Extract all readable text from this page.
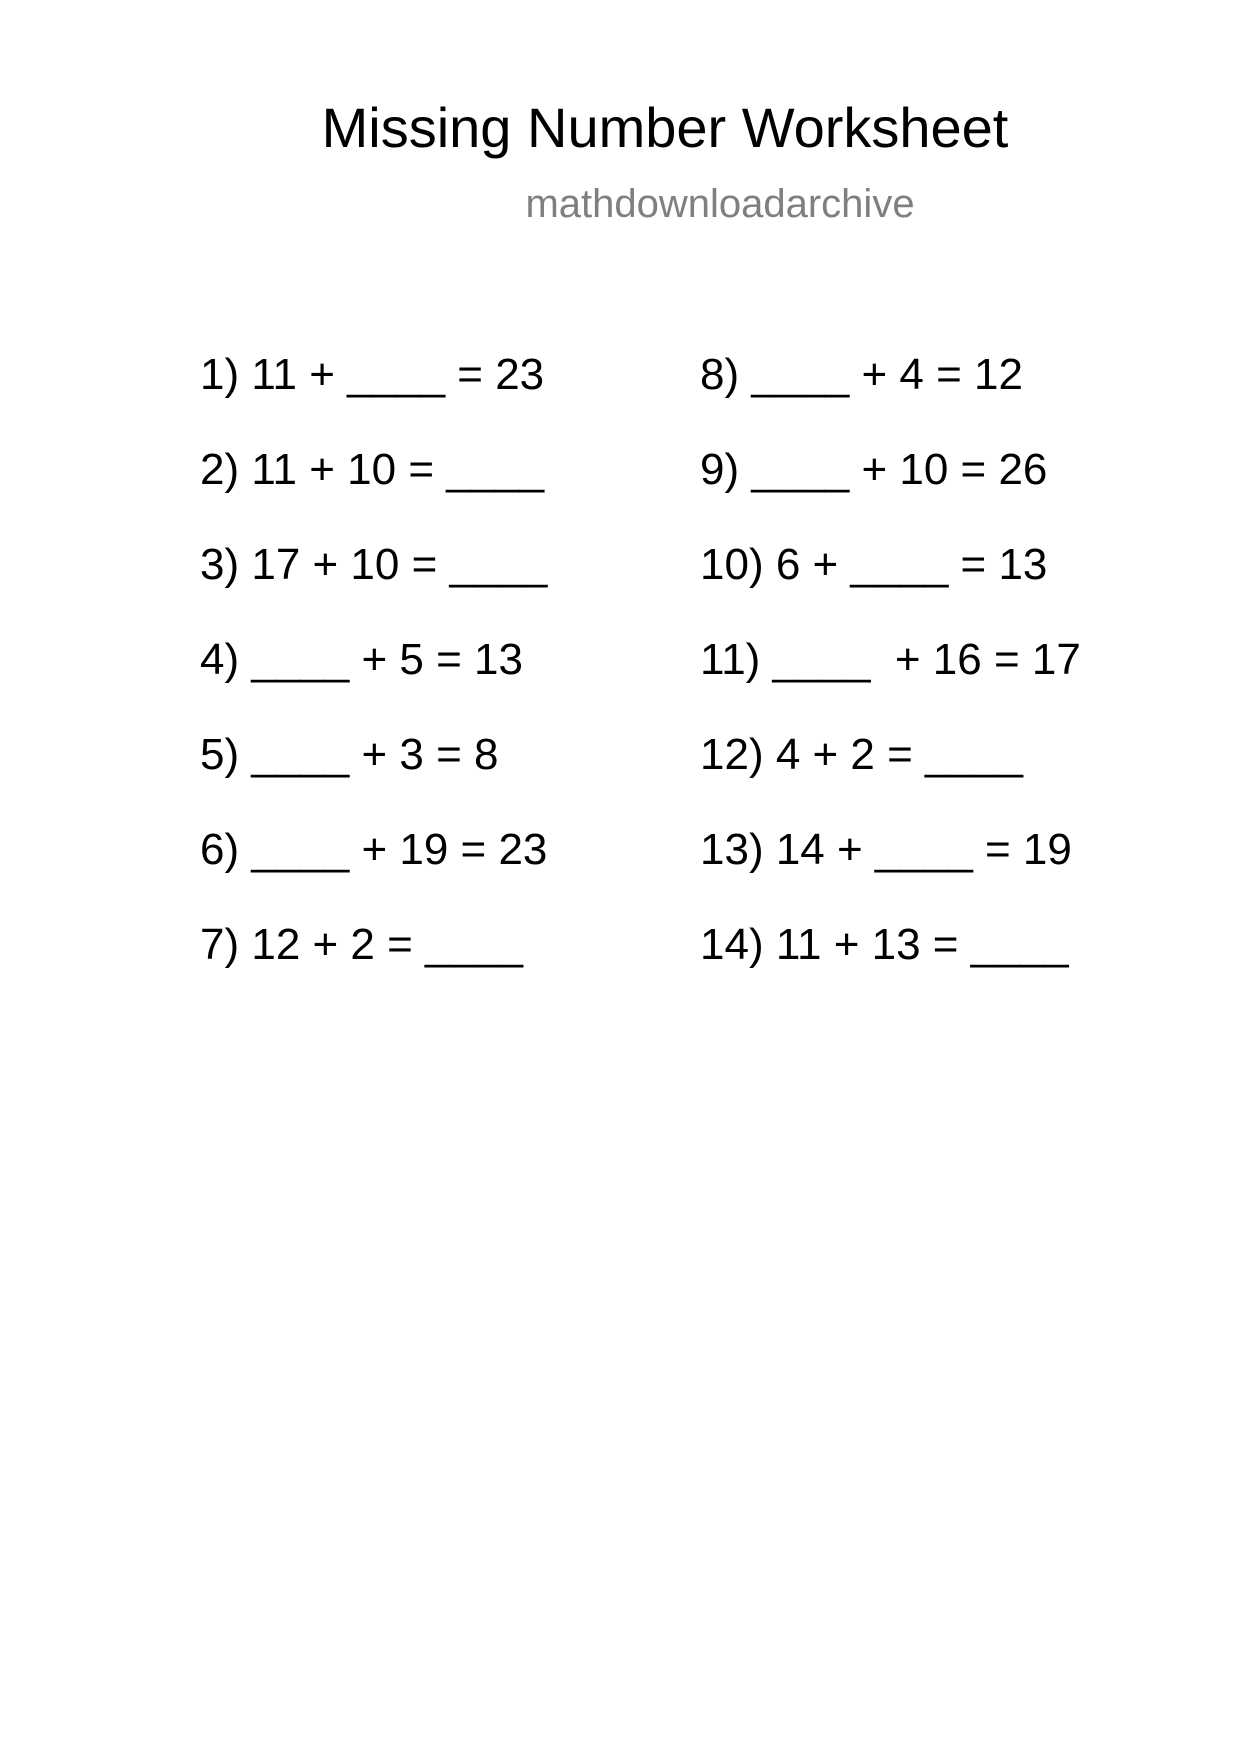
Missing Number Worksheet
mathdownloadarchive
1) 11 + ____ = 23
2) 11 + 10 = ____
3) 17 + 10 = ____
4) ____ + 5 = 13
5) ____ + 3 = 8
6) ____ + 19 = 23
7) 12 + 2 = ____
8) ____ + 4 = 12
9) ____ + 10 = 26
10) 6 + ____ = 13
11) ____  + 16 = 17
12) 4 + 2 = ____
13) 14 + ____ = 19
14) 11 + 13 = ____
